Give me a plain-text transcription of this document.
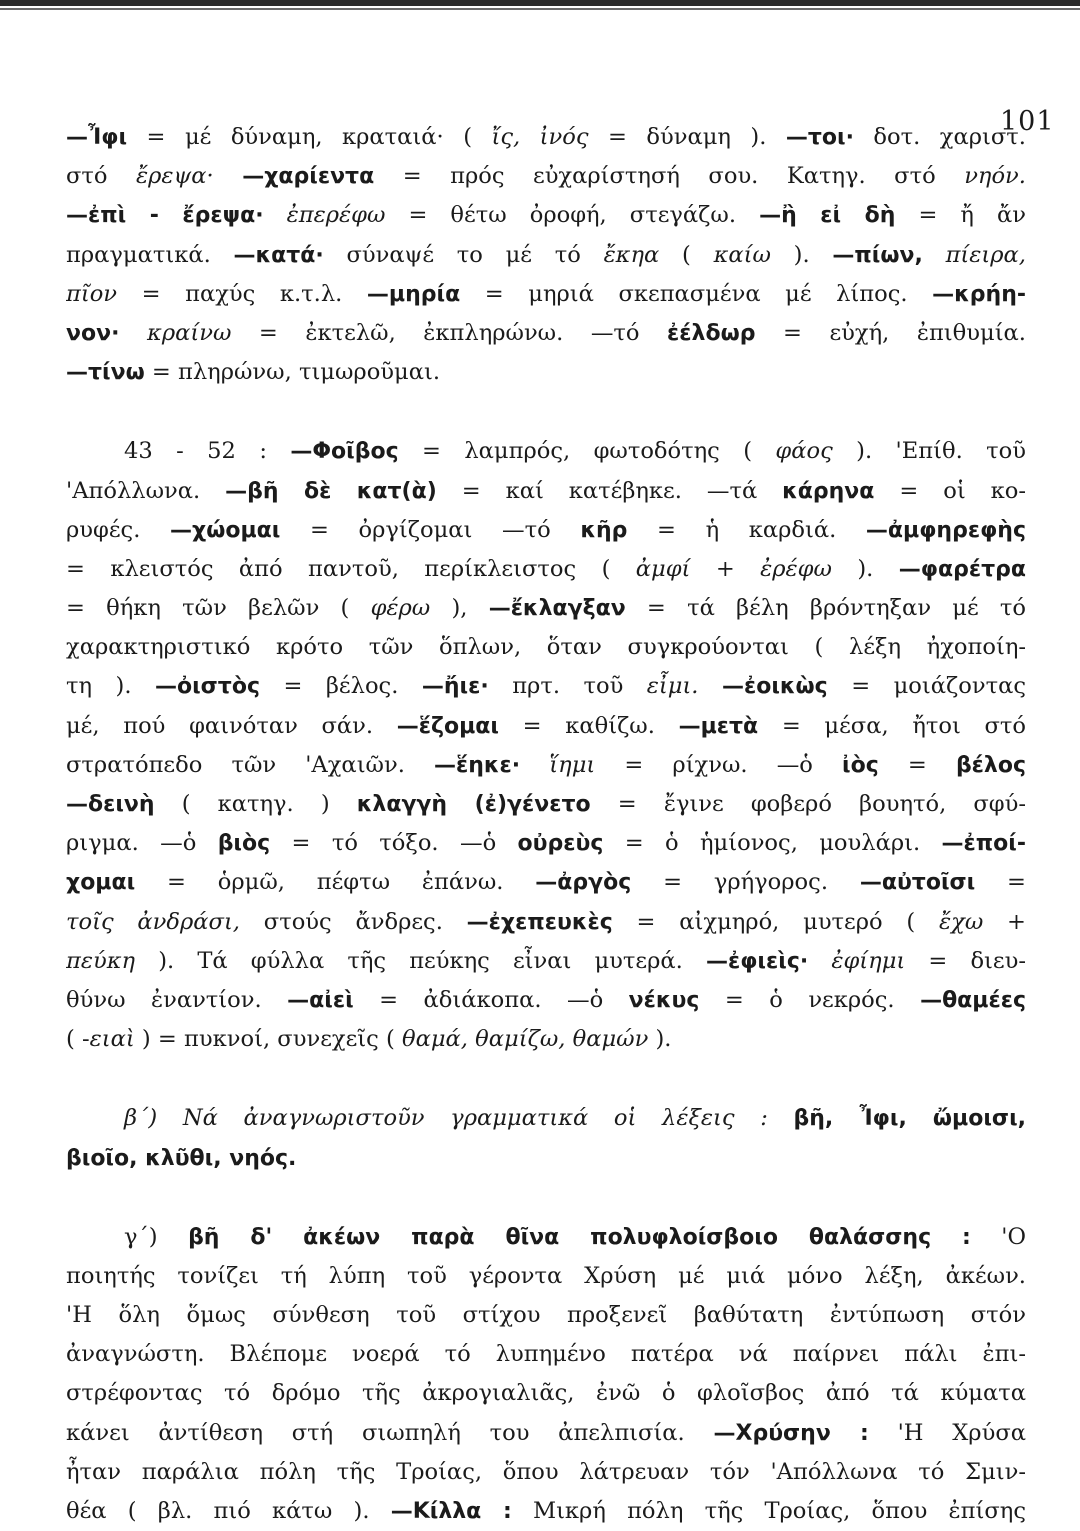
101
—Ἶφι = μέ δύναμη, κραταιά· ( ἴς, ἰνός = δύναμη ). —τοι· δοτ. χαριστ.
στό ἔρεψα· —χαρίεντα = πρός εὐχαρίστησή σου. Κατηγ. στό νηόν.
—ἐπὶ - ἔρεψα· ἐπερέφω = θέτω ὀροφή, στεγάζω. —ἢ εἰ δὴ = ἤ ἄν
πραγματικά. —κατά· σύναψέ το μέ τό ἔκηα ( καίω ). —πίων, πίειρα,
πῖον = παχύς κ.τ.λ. —μηρία = μηριά σκεπασμένα μέ λίπος. —κρήη-
νον· κραίνω = ἐκτελῶ, ἐκπληρώνω. —τό ἐέλδωρ = εὐχή, ἐπιθυμία.
—τίνω = πληρώνω, τιμωροῦμαι.
43 - 52 : —Φοῖβος = λαμπρός, φωτοδότης ( φάος ). 'Επίθ. τοῦ
'Απόλλωνα. —βῆ δὲ κατ(ὰ) = καί κατέβηκε. —τά κάρηνα = οἱ κο-
ρυφές. —χώομαι = ὀργίζομαι —τό κῆρ = ἡ καρδιά. —ἀμφηρεφὴς
= κλειστός ἀπό παντοῦ, περίκλειστος ( ἀμφί + ἐρέφω ). —φαρέτρα
= θήκη τῶν βελῶν ( φέρω ), —ἔκλαγξαν = τά βέλη βρόντηξαν μέ τό
χαρακτηριστικό κρότο τῶν ὅπλων, ὅταν συγκρούονται ( λέξη ἠχοποίη-
τη ). —ὀιστὸς = βέλος. —ἤιε· πρτ. τοῦ εἶμι. —ἐοικὼς = μοιάζοντας
μέ, πού φαινόταν σάν. —ἕζομαι = καθίζω. —μετὰ = μέσα, ἤτοι στό
στρατόπεδο τῶν 'Αχαιῶν. —ἕηκε· ἵημι = ρίχνω. —ὁ ἰὸς = βέλος
—δεινὴ ( κατηγ. ) κλαγγὴ (ἐ)γένετο = ἔγινε φοβερό βουητό, σφύ-
ριγμα. —ὁ βιὸς = τό τόξο. —ὁ οὐρεὺς = ὁ ἡμίονος, μουλάρι. —ἐποί-
χομαι = ὁρμῶ, πέφτω ἐπάνω. —ἀργὸς = γρήγορος. —αὐτοῖσι =
τοῖς ἀνδράσι, στούς ἄνδρες. —ἐχεπευκὲς = αἰχμηρό, μυτερό ( ἔχω +
πεύκη ). Τά φύλλα τῆς πεύκης εἶναι μυτερά. —ἐφιεὶς· ἐφίημι = διευ-
θύνω ἐναντίον. —αἰεὶ = ἀδιάκοπα. —ὁ νέκυς = ὁ νεκρός. —θαμέες
( -ειαὶ ) = πυκνοί, συνεχεῖς ( θαμά, θαμίζω, θαμών ).
β΄) Νά ἀναγνωριστοῦν γραμματικά οἱ λέξεις : βῆ, Ἶφι, ὤμοισι,
βιοῖο, κλῦθι, νηός.
γ΄) βῆ δ' ἀκέων παρὰ θῖνα πολυφλοίσβοιο θαλάσσης : 'Ο
ποιητής τονίζει τή λύπη τοῦ γέροντα Χρύση μέ μιά μόνο λέξη, ἀκέων.
'Η ὅλη ὅμως σύνθεση τοῦ στίχου προξενεῖ βαθύτατη ἐντύπωση στόν
ἀναγνώστη. Βλέπομε νοερά τό λυπημένο πατέρα νά παίρνει πάλι ἐπι-
στρέφοντας τό δρόμο τῆς ἀκρογιαλιᾶς, ἐνῶ ὁ φλοῖσβος ἀπό τά κύματα
κάνει ἀντίθεση στή σιωπηλή του ἀπελπισία. —Χρύσην : 'Η Χρύσα
ἦταν παράλια πόλη τῆς Τροίας, ὅπου λάτρευαν τόν 'Απόλλωνα τό Σμιν-
θέα ( βλ. πιό κάτω ). —Κίλλα : Μικρή πόλη τῆς Τροίας, ὅπου ἐπίσης
